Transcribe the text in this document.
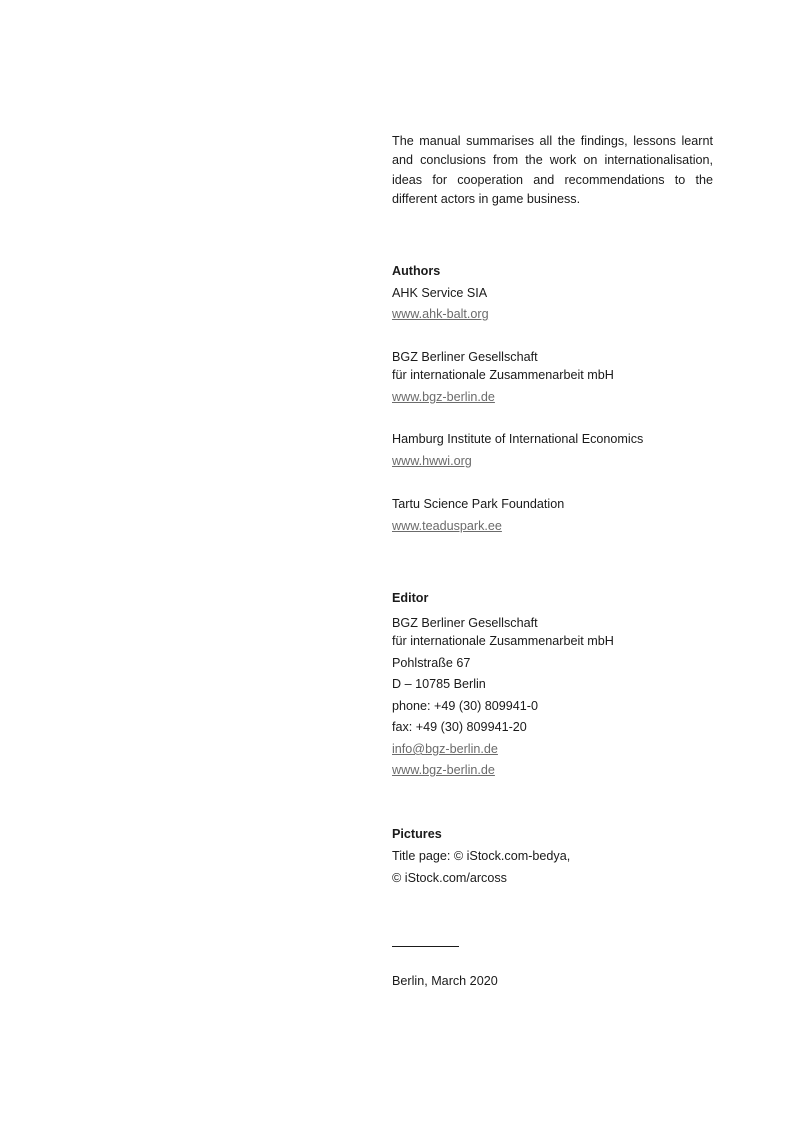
The manual summarises all the findings, lessons learnt and conclusions from the work on internationalisation, ideas for cooperation and recommendations to the different actors in game business.

Authors
AHK Service SIA
www.ahk-balt.org
BGZ Berliner Gesellschaft
für internationale Zusammenarbeit mbH
www.bgz-berlin.de
Hamburg Institute of International Economics
www.hwwi.org
Tartu Science Park Foundation
www.teaduspark.ee
Editor
BGZ Berliner Gesellschaft
für internationale Zusammenarbeit mbH
Pohlstraße 67
D – 10785 Berlin
phone: +49 (30) 809941-0
fax: +49 (30) 809941-20
info@bgz-berlin.de
www.bgz-berlin.de
Pictures
Title page: © iStock.com-bedya,
© iStock.com/arcoss
Berlin, March 2020
